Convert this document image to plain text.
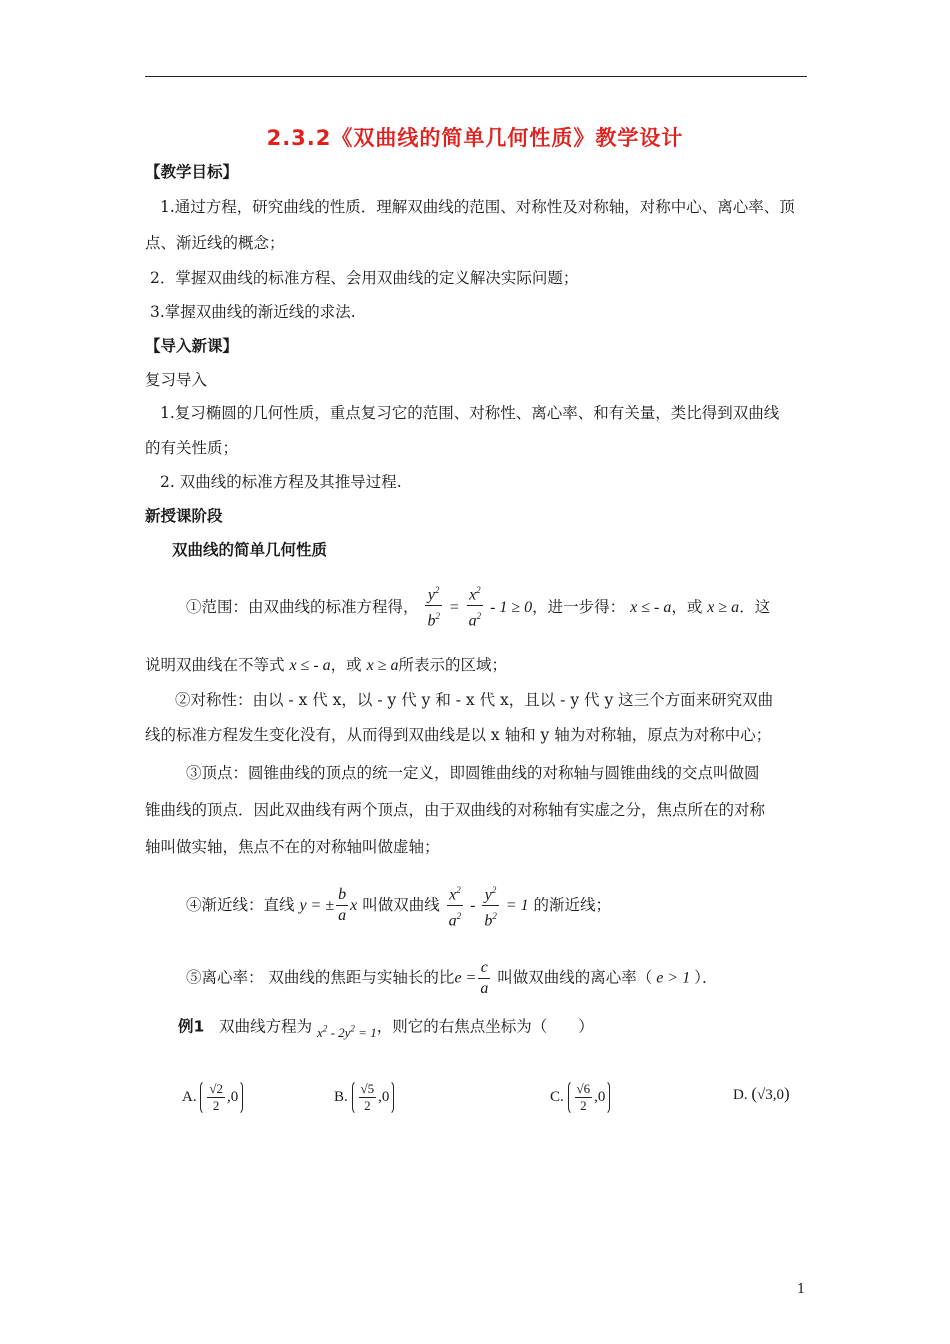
2.3.2《双曲线的简单几何性质》教学设计
【教学目标】
1.通过方程，研究曲线的性质．理解双曲线的范围、对称性及对称轴，对称中心、离心率、顶
点、渐近线的概念；
2．掌握双曲线的标准方程、会用双曲线的定义解决实际问题；
3.掌握双曲线的渐近线的求法.
【导入新课】
复习导入
1.复习椭圆的几何性质，重点复习它的范围、对称性、离心率、和有关量，类比得到双曲线
的有关性质；
2. 双曲线的标准方程及其推导过程.
新授课阶段
双曲线的简单几何性质
①范围：由双曲线的标准方程得， $\frac{y^2}{b^2} = \frac{x^2}{a^2} - 1 \ge 0$，进一步得： x ≤ - a，或 x ≥ a．这
说明双曲线在不等式 x ≤ - a，或 x ≥ a所表示的区域；
②对称性：由以 - x 代 x，以 - y 代 y 和 - x 代 x，且以 - y 代 y 这三个方面来研究双曲
线的标准方程发生变化没有，从而得到双曲线是以 x 轴和 y 轴为对称轴，原点为对称中心；
③顶点：圆锥曲线的顶点的统一定义，即圆锥曲线的对称轴与圆锥曲线的交点叫做圆
锥曲线的顶点．因此双曲线有两个顶点，由于双曲线的对称轴有实虚之分，焦点所在的对称
轴叫做实轴，焦点不在的对称轴叫做虚轴；
④渐近线：直线 y = ± $\frac{b}{a}$ x 叫做双曲线 $\frac{x^2}{a^2} - \frac{y^2}{b^2} = 1$ 的渐近线；
⑤离心率： 双曲线的焦距与实轴长的比$e = \frac{c}{a}$ 叫做双曲线的离心率（ e > 1 ）．
例1 双曲线方程为 $_{x^2 - 2y^2 = 1}$，则它的右焦点坐标为（　　）
A. $\frac{√2}{2} ,0$	B. $\frac{√5}{2} ,0$	C. $\frac{√6}{2} ,0$	D. (√3,0)
1
